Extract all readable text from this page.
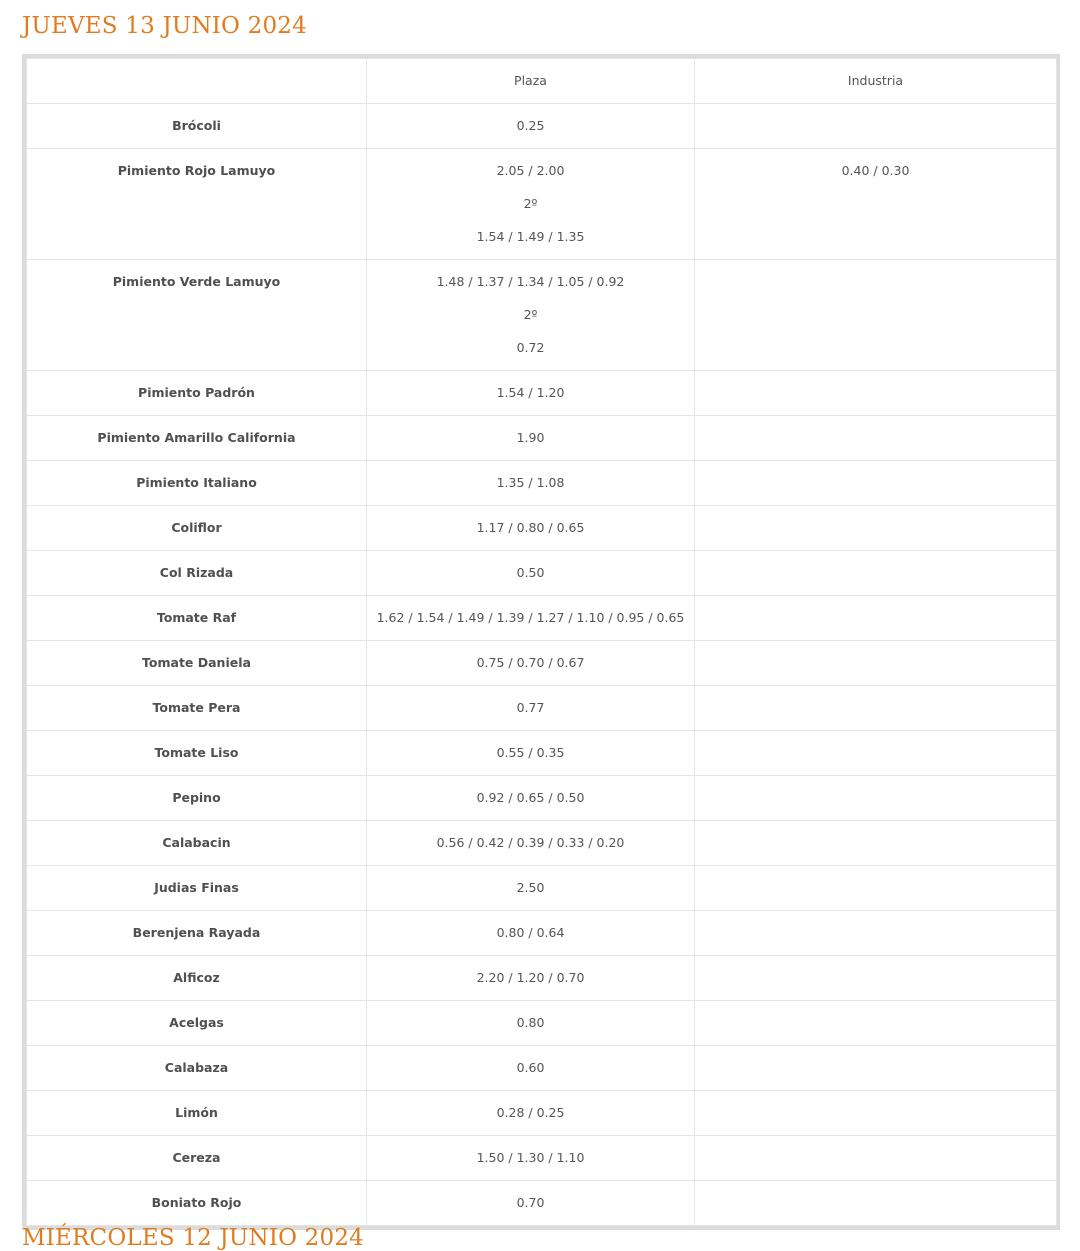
JUEVES 13 JUNIO 2024
	Plaza	Industria
Brócoli	0.25	

Pimiento Rojo Lamuyo	2.05 / 2.00
2º
1.54 / 1.49 / 1.35	0.40 / 0.30

Pimiento Verde Lamuyo	1.48 / 1.37 / 1.34 / 1.05 / 0.92
2º
0.72	

Pimiento Padrón	1.54 / 1.20	

Pimiento Amarillo California	1.90	

Pimiento Italiano	1.35 / 1.08	

Coliflor	1.17 / 0.80 / 0.65	

Col Rizada	0.50	

Tomate Raf	1.62 / 1.54 / 1.49 / 1.39 / 1.27 / 1.10 / 0.95 / 0.65	

Tomate Daniela	0.75 / 0.70 / 0.67	

Tomate Pera	0.77	

Tomate Liso	0.55 / 0.35	

Pepino	0.92 / 0.65 / 0.50	

Calabacin	0.56 / 0.42 / 0.39 / 0.33 / 0.20	

Judias Finas	2.50	

Berenjena Rayada	0.80 / 0.64	

Alficoz	2.20 / 1.20 / 0.70	

Acelgas	0.80	

Calabaza	0.60	

Limón	0.28 / 0.25	

Cereza	1.50 / 1.30 / 1.10	

Boniato Rojo	0.70	

MIÉRCOLES 12 JUNIO 2024
